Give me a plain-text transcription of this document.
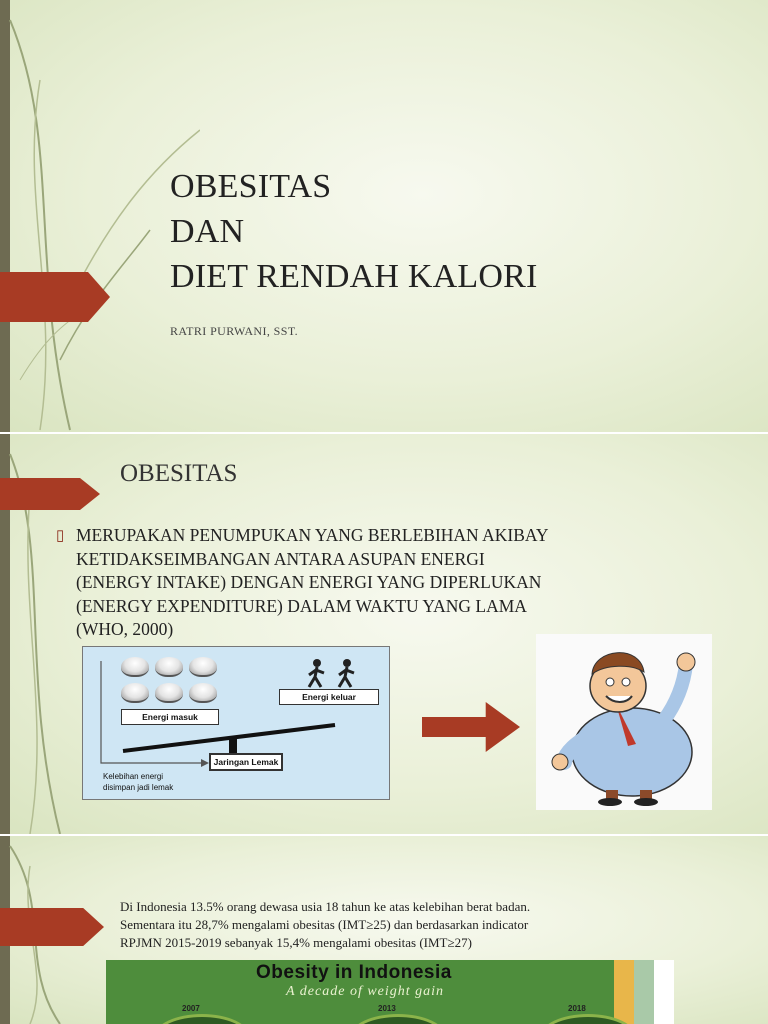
OBESITAS
DAN
DIET RENDAH KALORI
RATRI PURWANI, SST.
OBESITAS
▯ MERUPAKAN PENUMPUKAN YANG BERLEBIHAN AKIBAY
KETIDAKSEIMBANGAN ANTARA ASUPAN ENERGI
(ENERGY INTAKE) DENGAN ENERGI YANG DIPERLUKAN
(ENERGY EXPENDITURE) DALAM WAKTU YANG LAMA
(WHO, 2000)
Energi keluar
Energi masuk
Jaringan Lemak
Kelebihan energi
disimpan jadi lemak
Di Indonesia 13.5% orang dewasa usia 18 tahun ke atas kelebihan berat badan.
Sementara itu 28,7% mengalami obesitas (IMT≥25) dan berdasarkan indicator
RPJMN 2015-2019 sebanyak 15,4% mengalami obesitas (IMT≥27)
Obesity in Indonesia
A decade of weight gain
2007	2013	2018
